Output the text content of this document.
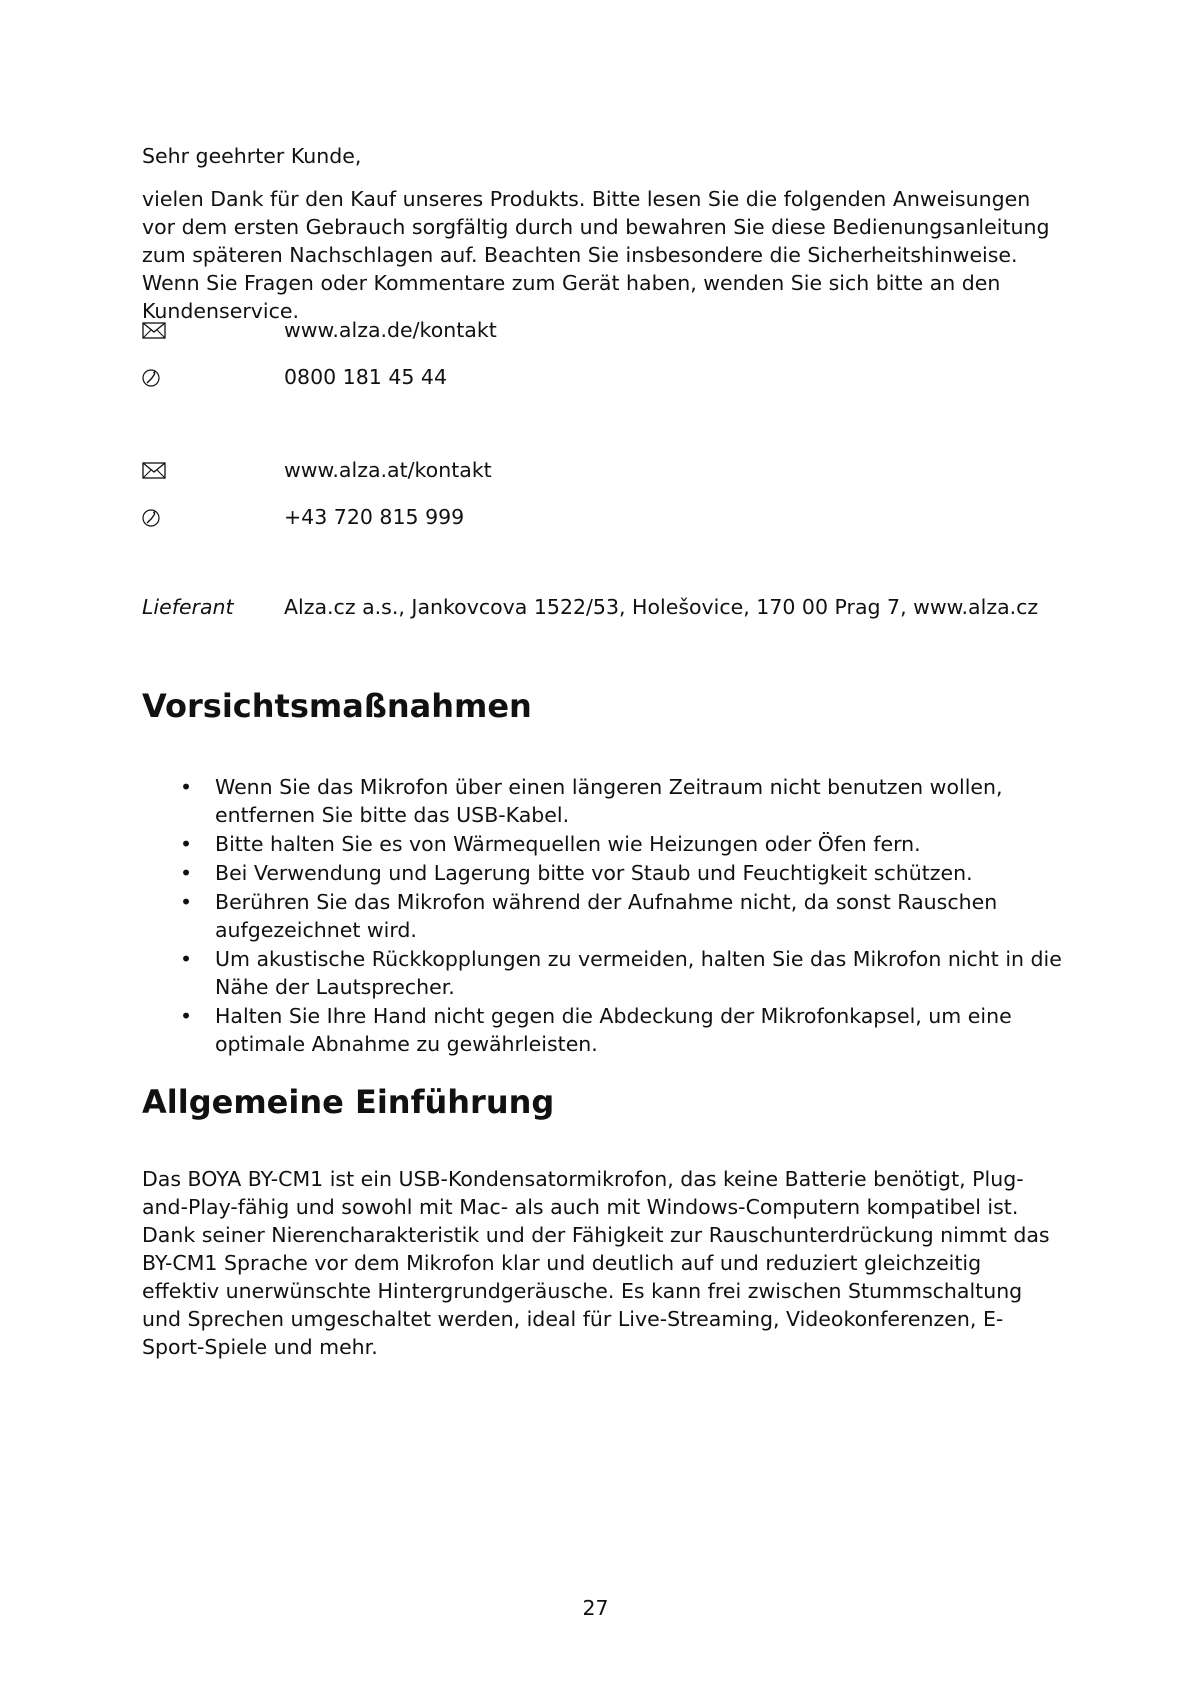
Sehr geehrter Kunde,

vielen Dank für den Kauf unseres Produkts. Bitte lesen Sie die folgenden Anweisungen vor dem ersten Gebrauch sorgfältig durch und bewahren Sie diese Bedienungsanleitung zum späteren Nachschlagen auf. Beachten Sie insbesondere die Sicherheitshinweise. Wenn Sie Fragen oder Kommentare zum Gerät haben, wenden Sie sich bitte an den Kundenservice.

www.alza.de/kontakt
0800 181 45 44
www.alza.at/kontakt
+43 720 815 999
Lieferant Alza.cz a.s., Jankovcova 1522/53, Holešovice, 170 00 Prag 7, www.alza.cz
Vorsichtsmaßnahmen
• Wenn Sie das Mikrofon über einen längeren Zeitraum nicht benutzen wollen, entfernen Sie bitte das USB-Kabel.
• Bitte halten Sie es von Wärmequellen wie Heizungen oder Öfen fern.
• Bei Verwendung und Lagerung bitte vor Staub und Feuchtigkeit schützen.
• Berühren Sie das Mikrofon während der Aufnahme nicht, da sonst Rauschen aufgezeichnet wird.
• Um akustische Rückkopplungen zu vermeiden, halten Sie das Mikrofon nicht in die Nähe der Lautsprecher.
• Halten Sie Ihre Hand nicht gegen die Abdeckung der Mikrofonkapsel, um eine optimale Abnahme zu gewährleisten.
Allgemeine Einführung

Das BOYA BY-CM1 ist ein USB-Kondensatormikrofon, das keine Batterie benötigt, Plug-and-Play-fähig und sowohl mit Mac- als auch mit Windows-Computern kompatibel ist. Dank seiner Nierencharakteristik und der Fähigkeit zur Rauschunterdrückung nimmt das BY-CM1 Sprache vor dem Mikrofon klar und deutlich auf und reduziert gleichzeitig effektiv unerwünschte Hintergrundgeräusche. Es kann frei zwischen Stummschaltung und Sprechen umgeschaltet werden, ideal für Live-Streaming, Videokonferenzen, E-Sport-Spiele und mehr.

27
